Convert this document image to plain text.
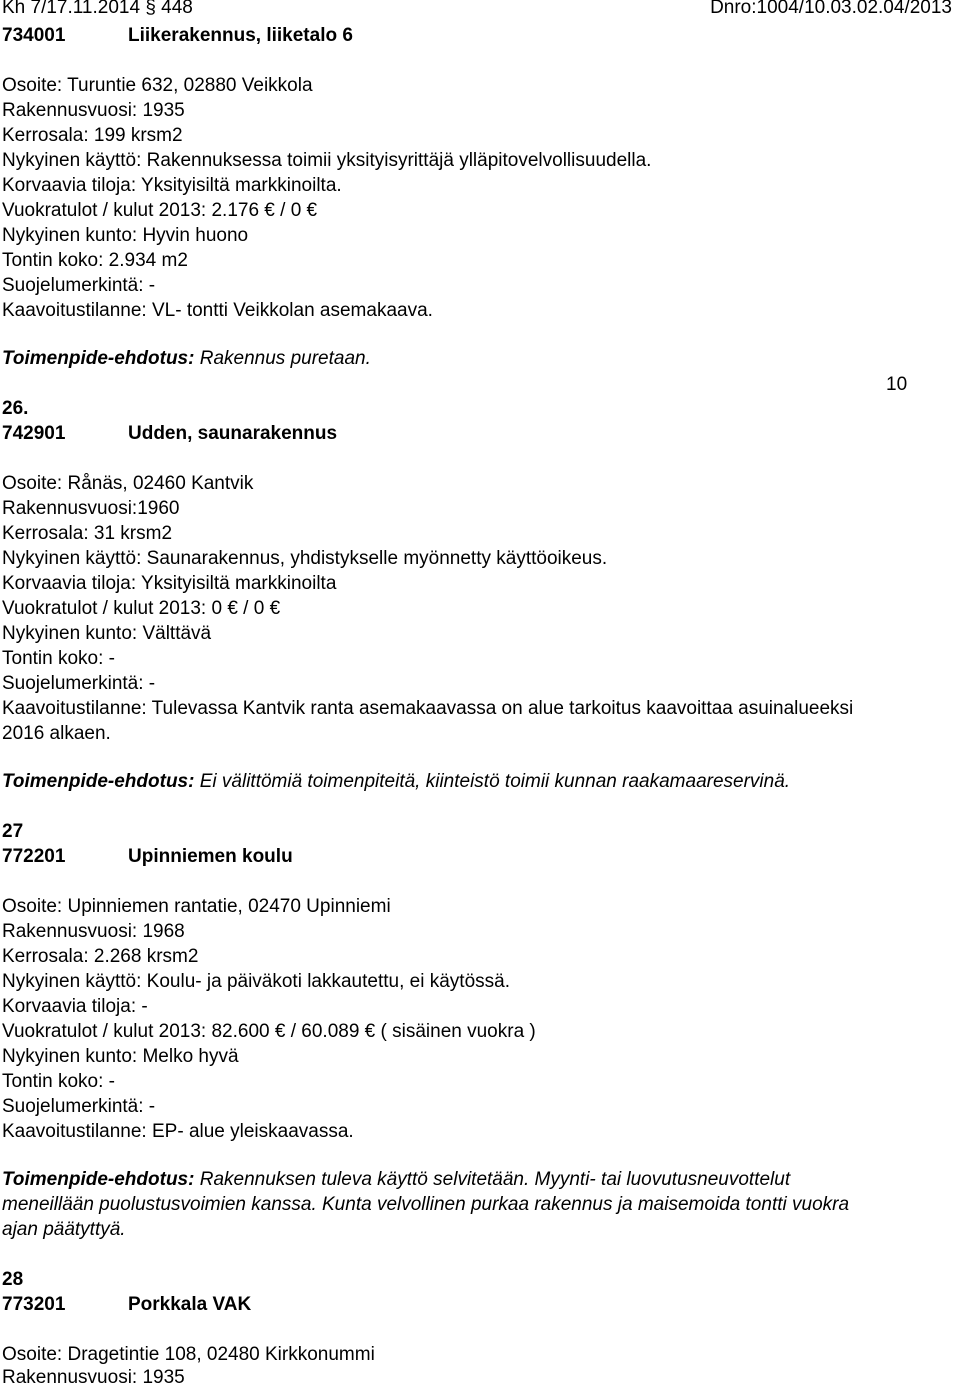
Kh 7/17.11.2014 § 448	Dnro:1004/10.03.02.04/2013
734001	Liikerakennus, liiketalo 6
Osoite: Turuntie 632, 02880 Veikkola
Rakennusvuosi: 1935
Kerrosala: 199 krsm2
Nykyinen käyttö: Rakennuksessa toimii yksityisyrittäjä ylläpitovelvollisuudella.
Korvaavia tiloja: Yksityisiltä markkinoilta.
Vuokratulot / kulut 2013: 2.176 € / 0 €
Nykyinen kunto: Hyvin huono
Tontin koko: 2.934 m2
Suojelumerkintä: -
Kaavoitustilanne: VL- tontti Veikkolan asemakaava.
Toimenpide-ehdotus: Rakennus puretaan.
10
26.
742901	Udden, saunarakennus
Osoite: Rånäs, 02460 Kantvik
Rakennusvuosi:1960
Kerrosala: 31 krsm2
Nykyinen käyttö: Saunarakennus, yhdistykselle myönnetty käyttöoikeus.
Korvaavia tiloja: Yksityisiltä markkinoilta
Vuokratulot / kulut 2013: 0 € / 0 €
Nykyinen kunto: Välttävä
Tontin koko: -
Suojelumerkintä: -
Kaavoitustilanne: Tulevassa Kantvik ranta asemakaavassa on alue tarkoitus kaavoittaa asuinalueeksi
2016 alkaen.
Toimenpide-ehdotus: Ei välittömiä toimenpiteitä, kiinteistö toimii kunnan raakamaareservinä.
27
772201	Upinniemen koulu
Osoite: Upinniemen rantatie, 02470 Upinniemi
Rakennusvuosi: 1968
Kerrosala: 2.268 krsm2
Nykyinen käyttö: Koulu- ja päiväkoti lakkautettu, ei käytössä.
Korvaavia tiloja: -
Vuokratulot / kulut 2013: 82.600 € / 60.089 € ( sisäinen vuokra )
Nykyinen kunto: Melko hyvä
Tontin koko: -
Suojelumerkintä: -
Kaavoitustilanne: EP- alue yleiskaavassa.
Toimenpide-ehdotus: Rakennuksen tuleva käyttö selvitetään. Myynti- tai luovutusneuvottelut
meneillään puolustusvoimien kanssa. Kunta velvollinen purkaa rakennus ja maisemoida tontti vuokra
ajan päätyttyä.
28
773201	Porkkala VAK
Osoite: Dragetintie 108, 02480 Kirkkonummi
Rakennusvuosi: 1935
